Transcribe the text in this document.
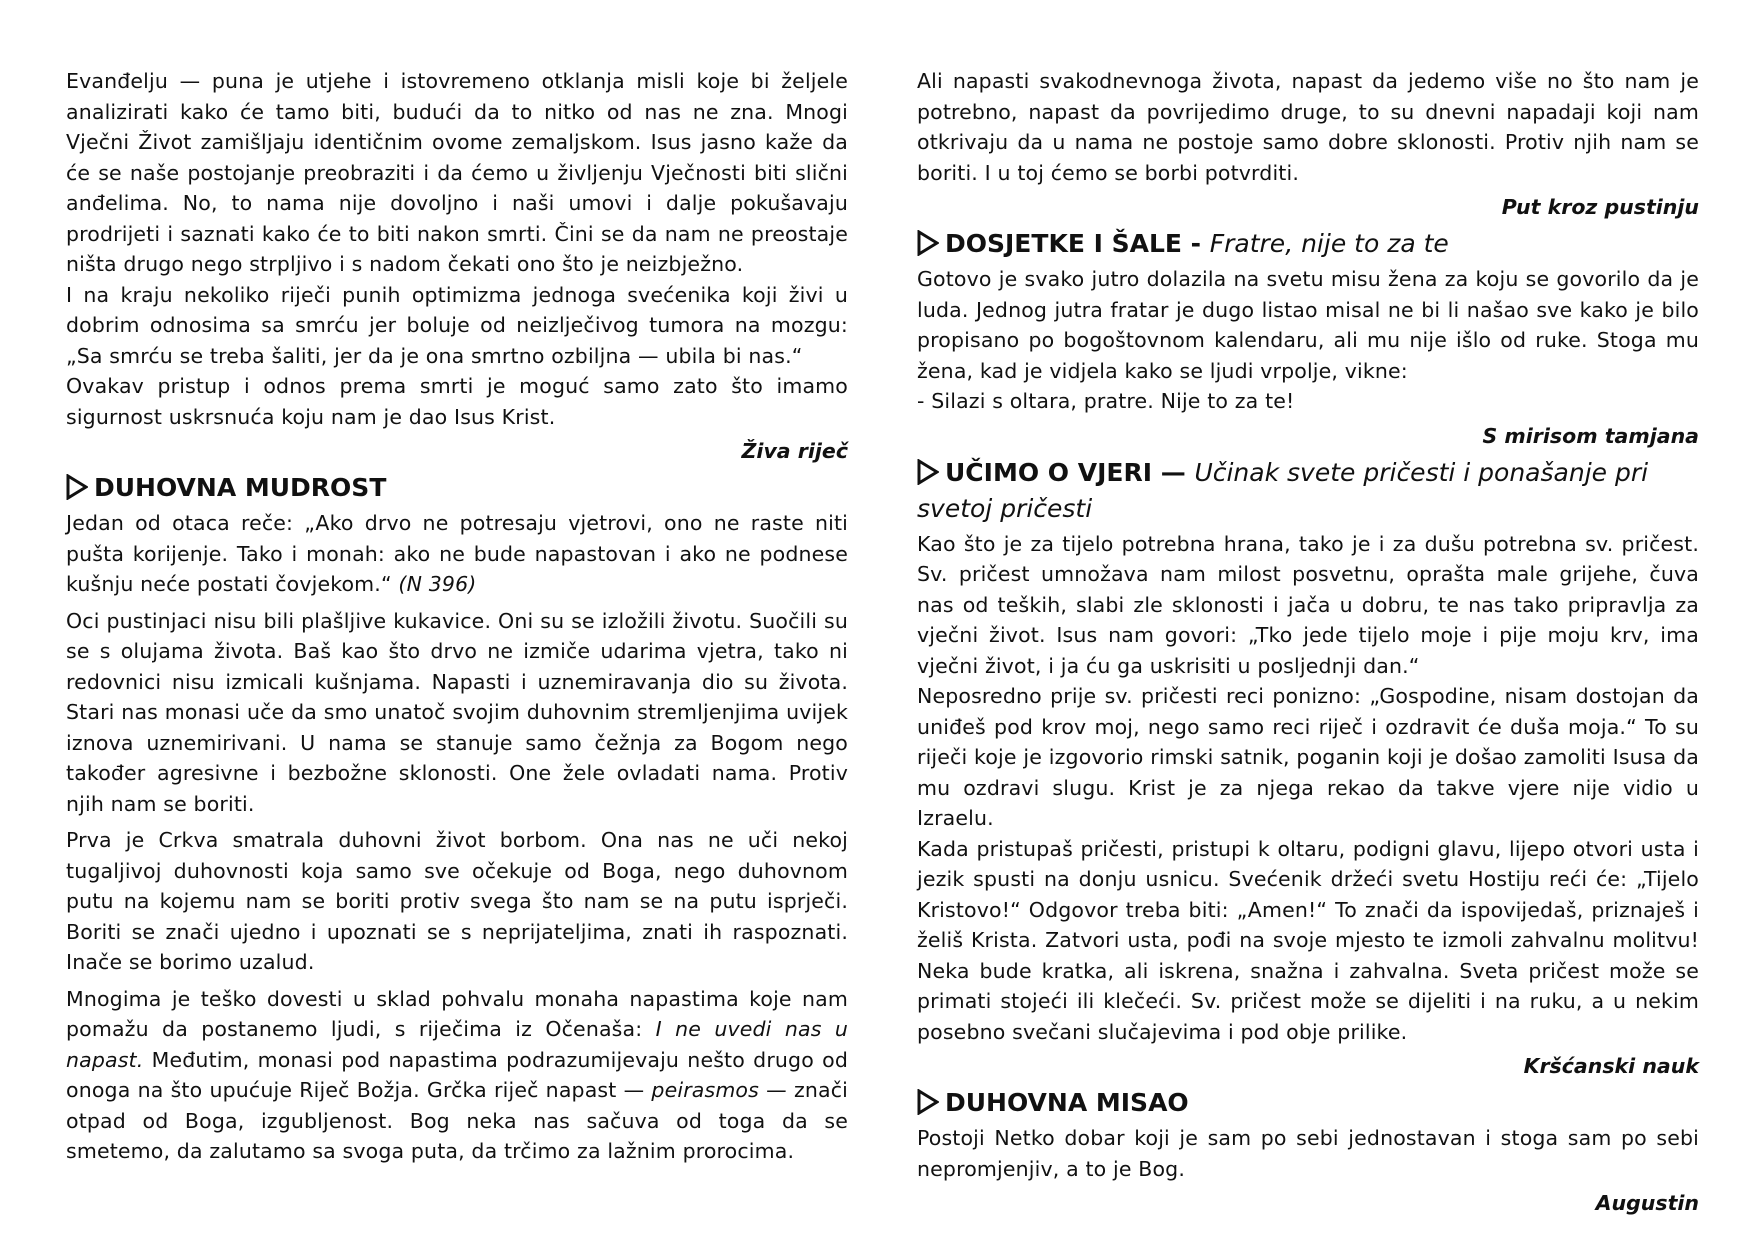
Evanđelju — puna je utjehe i istovremeno otklanja misli koje bi željele analizirati kako će tamo biti, budući da to nitko od nas ne zna. Mnogi Vječni Život zamišljaju identičnim ovome zemaljskom. Isus jasno kaže da će se naše postojanje preobraziti i da ćemo u življenju Vječnosti biti slični anđelima. No, to nama nije dovoljno i naši umovi i dalje pokušavaju prodrijeti i saznati kako će to biti nakon smrti. Čini se da nam ne preostaje ništa drugo nego strpljivo i s nadom čekati ono što je neizbježno.

I na kraju nekoliko riječi punih optimizma jednoga svećenika koji živi u dobrim odnosima sa smrću jer boluje od neizlječivog tumora na mozgu: „Sa smrću se treba šaliti, jer da je ona smrtno ozbiljna — ubila bi nas.“

Ovakav pristup i odnos prema smrti je moguć samo zato što imamo sigurnost uskrsnuća koju nam je dao Isus Krist.

Živa riječ
DUHOVNA MUDROST

Jedan od otaca reče: „Ako drvo ne potresaju vjetrovi, ono ne raste niti pušta korijenje. Tako i monah: ako ne bude napastovan i ako ne podnese kušnju neće postati čovjekom.“ (N 396)

Oci pustinjaci nisu bili plašljive kukavice. Oni su se izložili životu. Suočili su se s olujama života. Baš kao što drvo ne izmiče udarima vjetra, tako ni redovnici nisu izmicali kušnjama. Napasti i uznemiravanja dio su života. Stari nas monasi uče da smo unatoč svojim duhovnim stremljenjima uvijek iznova uznemirivani. U nama se stanuje samo čežnja za Bogom nego također agresivne i bezbožne sklonosti. One žele ovladati nama. Protiv njih nam se boriti.

Prva je Crkva smatrala duhovni život borbom. Ona nas ne uči nekoj tugaljivoj duhovnosti koja samo sve očekuje od Boga, nego duhovnom putu na kojemu nam se boriti protiv svega što nam se na putu isprječi. Boriti se znači ujedno i upoznati se s neprijateljima, znati ih raspoznati. Inače se borimo uzalud.

Mnogima je teško dovesti u sklad pohvalu monaha napastima koje nam pomažu da postanemo ljudi, s riječima iz Očenaša: I ne uvedi nas u napast. Međutim, monasi pod napastima podrazumijevaju nešto drugo od onoga na što upućuje Riječ Božja. Grčka riječ napast — peirasmos — znači otpad od Boga, izgubljenost. Bog neka nas sačuva od toga da se smetemo, da zalutamo sa svoga puta, da trčimo za lažnim prorocima.

Ali napasti svakodnevnoga života, napast da jedemo više no što nam je potrebno, napast da povrijedimo druge, to su dnevni napadaji koji nam otkrivaju da u nama ne postoje samo dobre sklonosti. Protiv njih nam se boriti. I u toj ćemo se borbi potvrditi.

Put kroz pustinju
DOSJETKE I ŠALE - Fratre, nije to za te

Gotovo je svako jutro dolazila na svetu misu žena za koju se govorilo da je luda. Jednog jutra fratar je dugo listao misal ne bi li našao sve kako je bilo propisano po bogoštovnom kalendaru, ali mu nije išlo od ruke. Stoga mu žena, kad je vidjela kako se ljudi vrpolje, vikne:

- Silazi s oltara, pratre. Nije to za te!

S mirisom tamjana
UČIMO O VJERI — Učinak svete pričesti i ponašanje pri svetoj pričesti

Kao što je za tijelo potrebna hrana, tako je i za dušu potrebna sv. pričest. Sv. pričest umnožava nam milost posvetnu, oprašta male grijehe, čuva nas od teških, slabi zle sklonosti i jača u dobru, te nas tako pripravlja za vječni život. Isus nam govori: „Tko jede tijelo moje i pije moju krv, ima vječni život, i ja ću ga uskrisiti u posljednji dan.“

Neposredno prije sv. pričesti reci ponizno: „Gospodine, nisam dostojan da uniđeš pod krov moj, nego samo reci riječ i ozdravit će duša moja.“ To su riječi koje je izgovorio rimski satnik, poganin koji je došao zamoliti Isusa da mu ozdravi slugu. Krist je za njega rekao da takve vjere nije vidio u Izraelu.

Kada pristupaš pričesti, pristupi k oltaru, podigni glavu, lijepo otvori usta i jezik spusti na donju usnicu. Svećenik držeći svetu Hostiju reći će: „Tijelo Kristovo!“ Odgovor treba biti: „Amen!“ To znači da ispovijedaš, priznaješ i želiš Krista. Zatvori usta, pođi na svoje mjesto te izmoli zahvalnu molitvu! Neka bude kratka, ali iskrena, snažna i zahvalna. Sveta pričest može se primati stojeći ili klečeći. Sv. pričest može se dijeliti i na ruku, a u nekim posebno svečani slučajevima i pod obje prilike.

Kršćanski nauk
DUHOVNA MISAO

Postoji Netko dobar koji je sam po sebi jednostavan i stoga sam po sebi nepromjenjiv, a to je Bog.

Augustin
